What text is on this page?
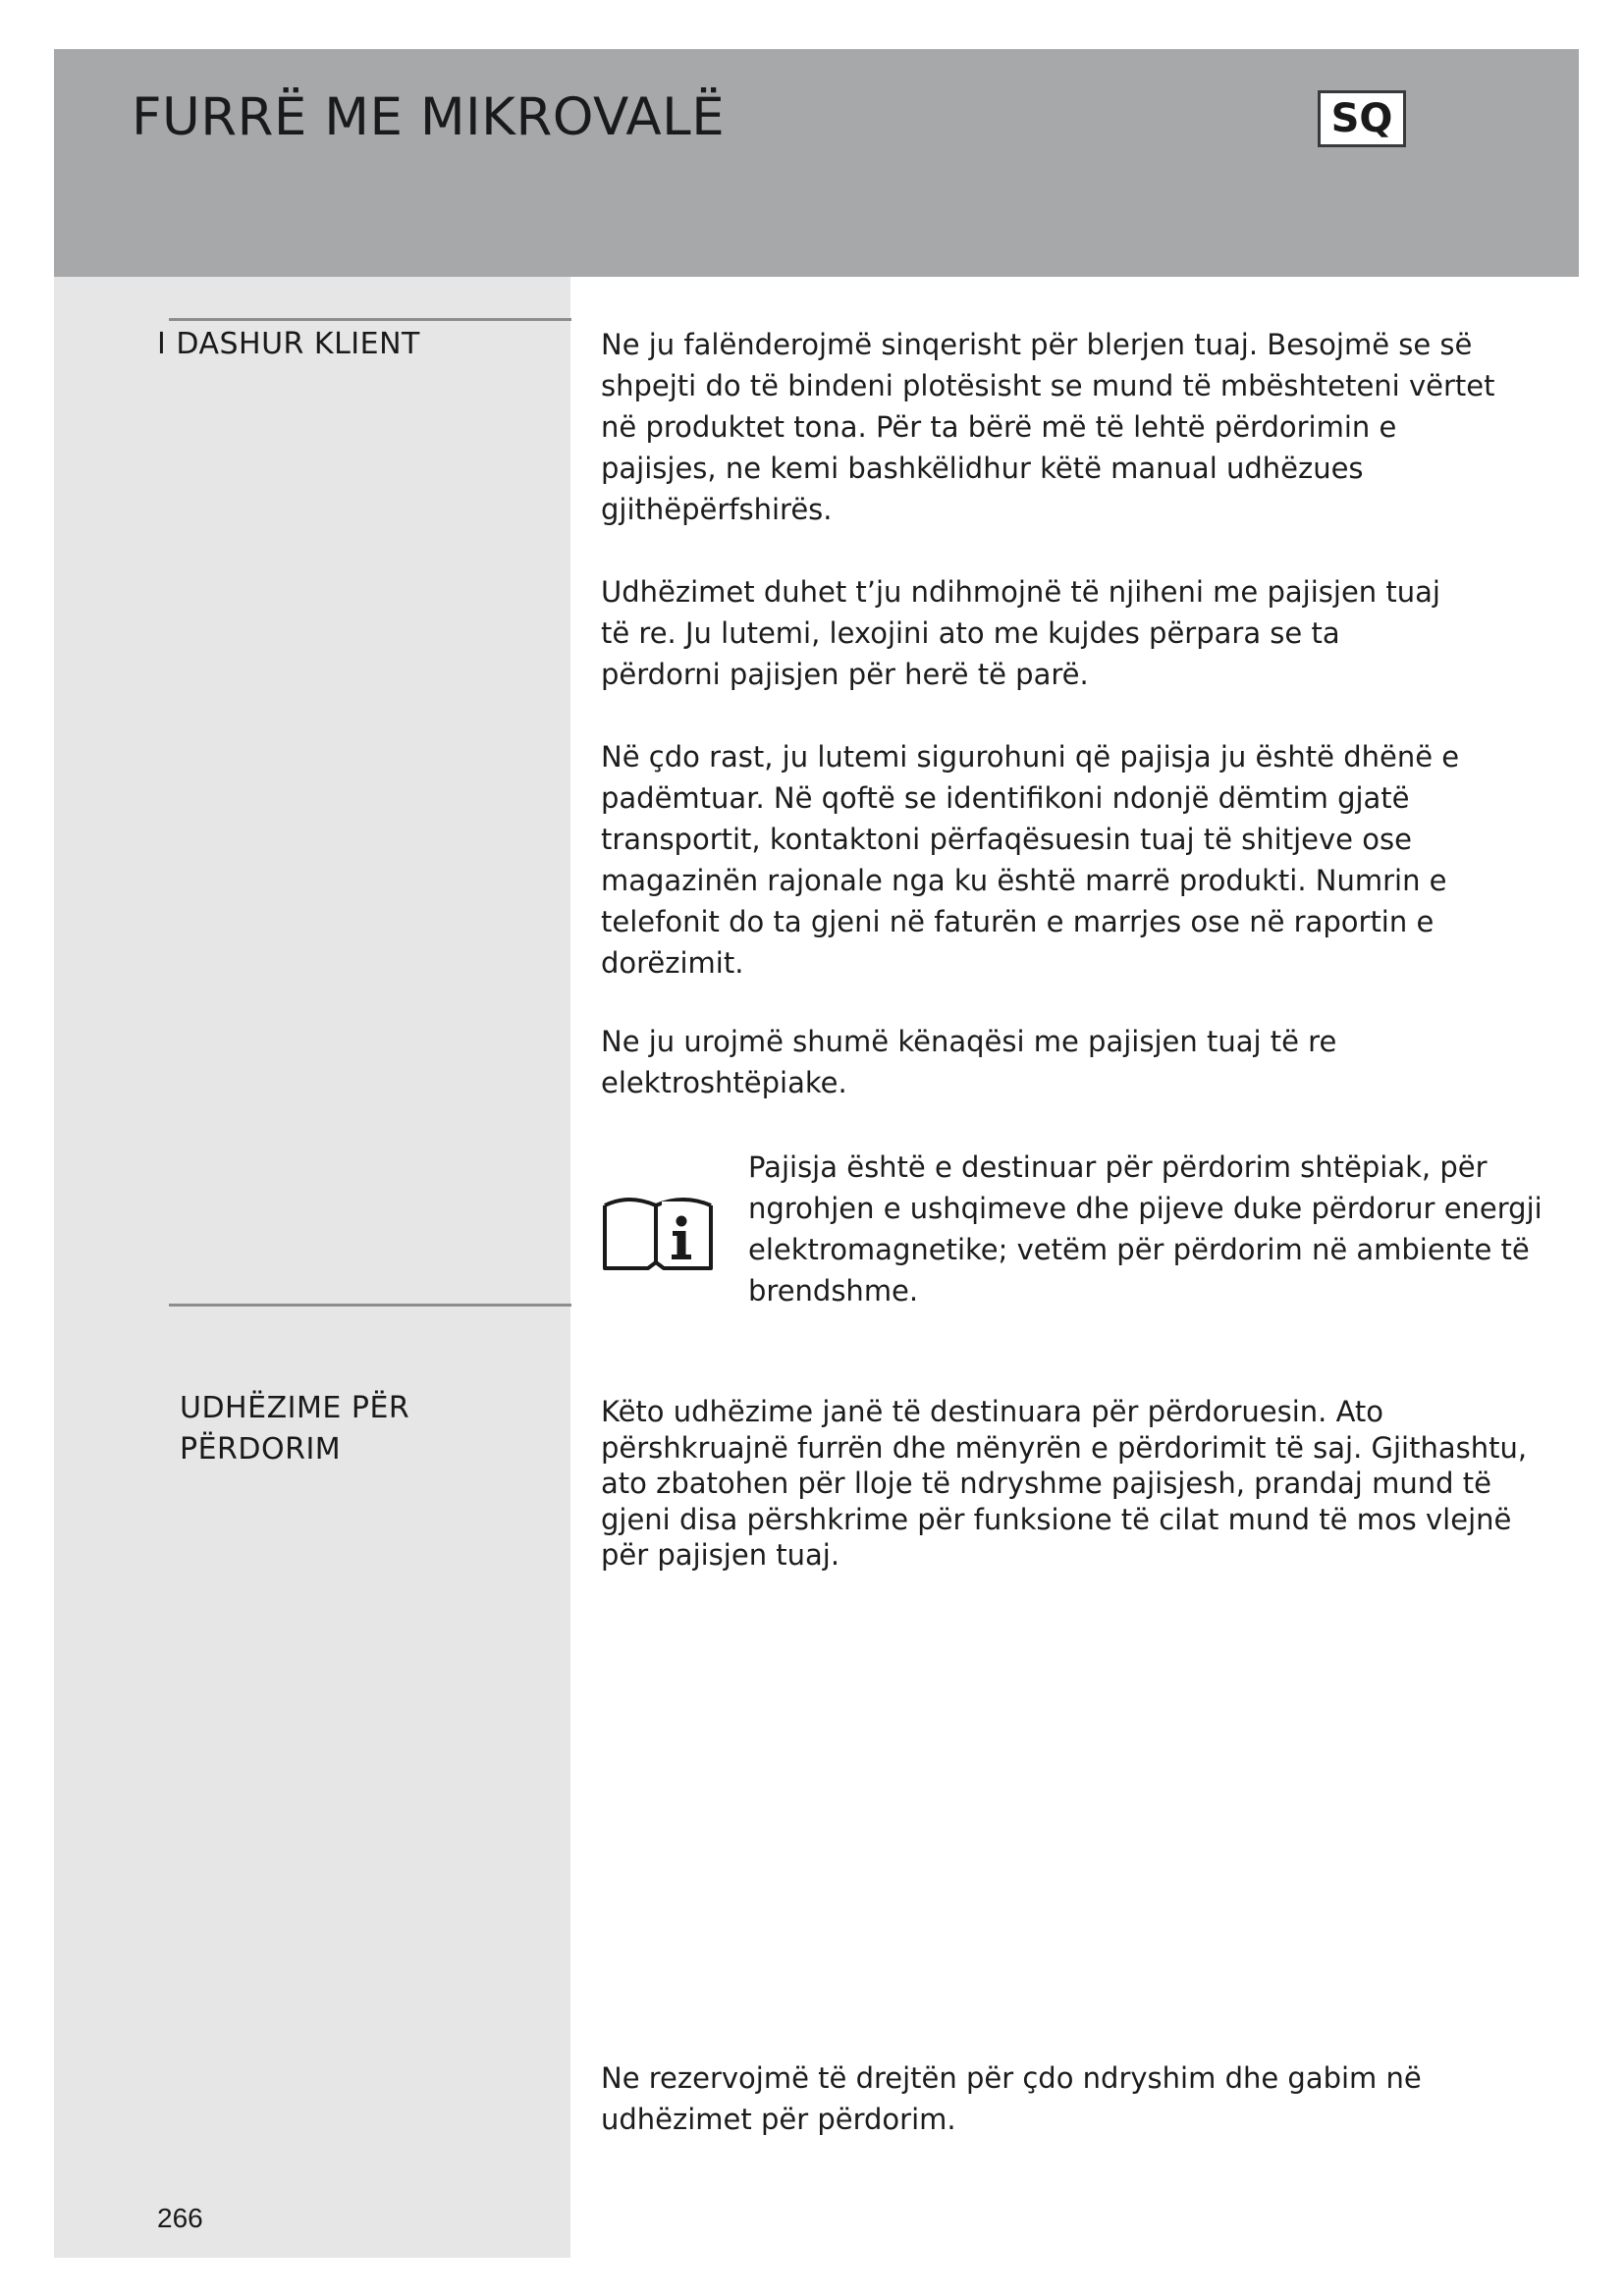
FURRË ME MIKROVALË	SQ

I DASHUR KLIENT	Ne ju falënderojmë sinqerisht për blerjen tuaj. Besojmë se së shpejti do të bindeni plotësisht se mund të mbështeteni vërtet në produktet tona. Për ta bërë më të lehtë përdorimin e pajisjes, ne kemi bashkëlidhur këtë manual udhëzues gjithëpërfshirës.

Udhëzimet duhet t’ju ndihmojnë të njiheni me pajisjen tuaj të re. Ju lutemi, lexojini ato me kujdes përpara se ta përdorni pajisjen për herë të parë.

Në çdo rast, ju lutemi sigurohuni që pajisja ju është dhënë e padëmtuar. Në qoftë se identifikoni ndonjë dëmtim gjatë transportit, kontaktoni përfaqësuesin tuaj të shitjeve ose magazinën rajonale nga ku është marrë produkti. Numrin e telefonit do ta gjeni në faturën e marrjes ose në raportin e dorëzimit.

Ne ju urojmë shumë kënaqësi me pajisjen tuaj të re elektroshtëpiake.

Pajisja është e destinuar për përdorim shtëpiak, për ngrohjen e ushqimeve dhe pijeve duke përdorur energji elektromagnetike; vetëm për përdorim në ambiente të brendshme.

UDHËZIME PËR

PËRDORIM

Këto udhëzime janë të destinuara për përdoruesin. Ato përshkruajnë furrën dhe mënyrën e përdorimit të saj. Gjithashtu, ato zbatohen për lloje të ndryshme pajisjesh, prandaj mund të gjeni disa përshkrime për funksione të cilat mund të mos vlejnë për pajisjen tuaj.

Ne rezervojmë të drejtën për çdo ndryshim dhe gabim në udhëzimet për përdorim.

266
